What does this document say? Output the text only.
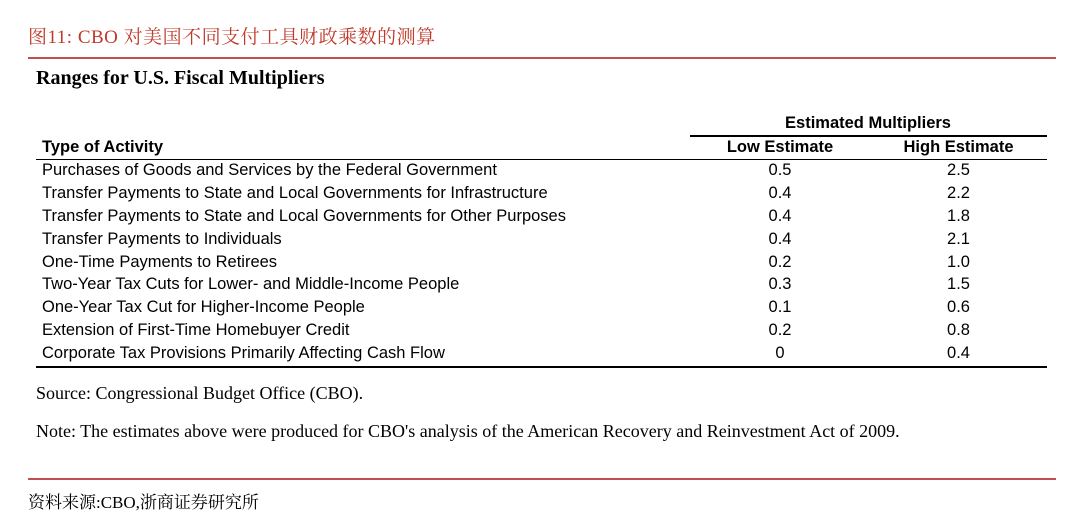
图11: CBO 对美国不同支付工具财政乘数的测算
Ranges for U.S. Fiscal Multipliers
Estimated Multipliers
Type of Activity	Low Estimate	High Estimate
Purchases of Goods and Services by the Federal Government	0.5	2.5
Transfer Payments to State and Local Governments for Infrastructure	0.4	2.2
Transfer Payments to State and Local Governments for Other Purposes	0.4	1.8
Transfer Payments to Individuals	0.4	2.1
One-Time Payments to Retirees	0.2	1.0
Two-Year Tax Cuts for Lower- and Middle-Income People	0.3	1.5
One-Year Tax Cut for Higher-Income People	0.1	0.6
Extension of First-Time Homebuyer Credit	0.2	0.8
Corporate Tax Provisions Primarily Affecting Cash Flow	0	0.4
Source: Congressional Budget Office (CBO).
Note: The estimates above were produced for CBO's analysis of the American Recovery and Reinvestment Act of 2009.
资料来源:CBO,浙商证券研究所
